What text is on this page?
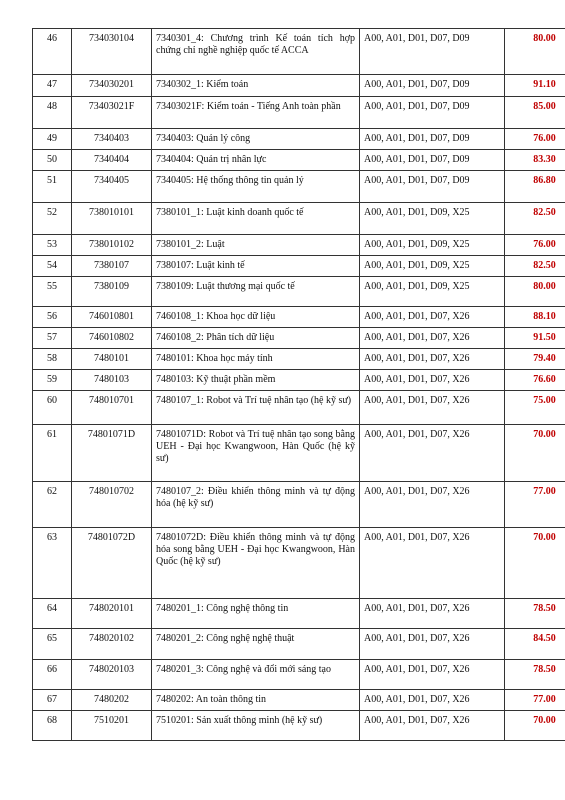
46	734030104	7340301_4: Chương trình Kế toán tích hợp chứng chỉ nghề nghiệp quốc tế ACCA	A00, A01, D01, D07, D09	80.00
47	734030201	7340302_1: Kiểm toán	A00, A01, D01, D07, D09	91.10
48	73403021F	73403021F: Kiểm toán - Tiếng Anh toàn phần	A00, A01, D01, D07, D09	85.00
49	7340403	7340403: Quản lý công	A00, A01, D01, D07, D09	76.00
50	7340404	7340404: Quản trị nhân lực	A00, A01, D01, D07, D09	83.30
51	7340405	7340405: Hệ thống thông tin quản lý	A00, A01, D01, D07, D09	86.80
52	738010101	7380101_1: Luật kinh doanh quốc tế	A00, A01, D01, D09, X25	82.50
53	738010102	7380101_2: Luật	A00, A01, D01, D09, X25	76.00
54	7380107	7380107: Luật kinh tế	A00, A01, D01, D09, X25	82.50
55	7380109	7380109: Luật thương mại quốc tế	A00, A01, D01, D09, X25	80.00
56	746010801	7460108_1: Khoa học dữ liệu	A00, A01, D01, D07, X26	88.10
57	746010802	7460108_2: Phân tích dữ liệu	A00, A01, D01, D07, X26	91.50
58	7480101	7480101: Khoa học máy tính	A00, A01, D01, D07, X26	79.40
59	7480103	7480103: Kỹ thuật phần mềm	A00, A01, D01, D07, X26	76.60
60	748010701	7480107_1: Robot và Trí tuệ nhân tạo (hệ kỹ sư)	A00, A01, D01, D07, X26	75.00
61	74801071D	74801071D: Robot và Trí tuệ nhân tạo song bằng UEH - Đại học Kwangwoon, Hàn Quốc (hệ kỹ sư)	A00, A01, D01, D07, X26	70.00
62	748010702	7480107_2: Điều khiển thông minh và tự động hóa (hệ kỹ sư)	A00, A01, D01, D07, X26	77.00
63	74801072D	74801072D: Điều khiển thông minh và tự động hóa song bằng UEH - Đại học Kwangwoon, Hàn Quốc (hệ kỹ sư)	A00, A01, D01, D07, X26	70.00
64	748020101	7480201_1: Công nghệ thông tin	A00, A01, D01, D07, X26	78.50
65	748020102	7480201_2: Công nghệ nghệ thuật	A00, A01, D01, D07, X26	84.50
66	748020103	7480201_3: Công nghệ và đổi mới sáng tạo	A00, A01, D01, D07, X26	78.50
67	7480202	7480202: An toàn thông tin	A00, A01, D01, D07, X26	77.00
68	7510201	7510201: Sản xuất thông minh (hệ kỹ sư)	A00, A01, D01, D07, X26	70.00
